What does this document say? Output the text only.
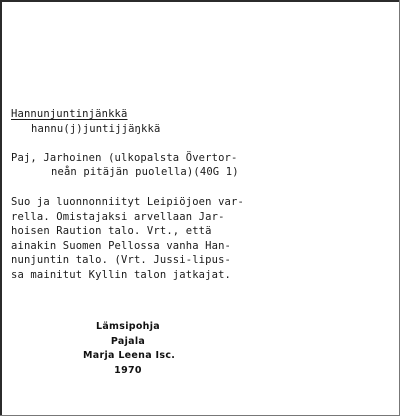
Hannunjuntinjänkkä
hannu(j)juntijjäŋkkä
Paj, Jarhoinen (ulkopalsta Övertor-
neån pitäjän puolella)(40G 1)
Suo ja luonnonniityt Leipiöjoen var-
rella. Omistajaksi arvellaan Jar-
hoisen Raution talo. Vrt., että
ainakin Suomen Pellossa vanha Han-
nunjuntin talo. (Vrt. Jussi-lipus-
sa mainitut Kyllin talon jatkajat.
Lämsipohja
Pajala
Marja Leena Isc.
1970
